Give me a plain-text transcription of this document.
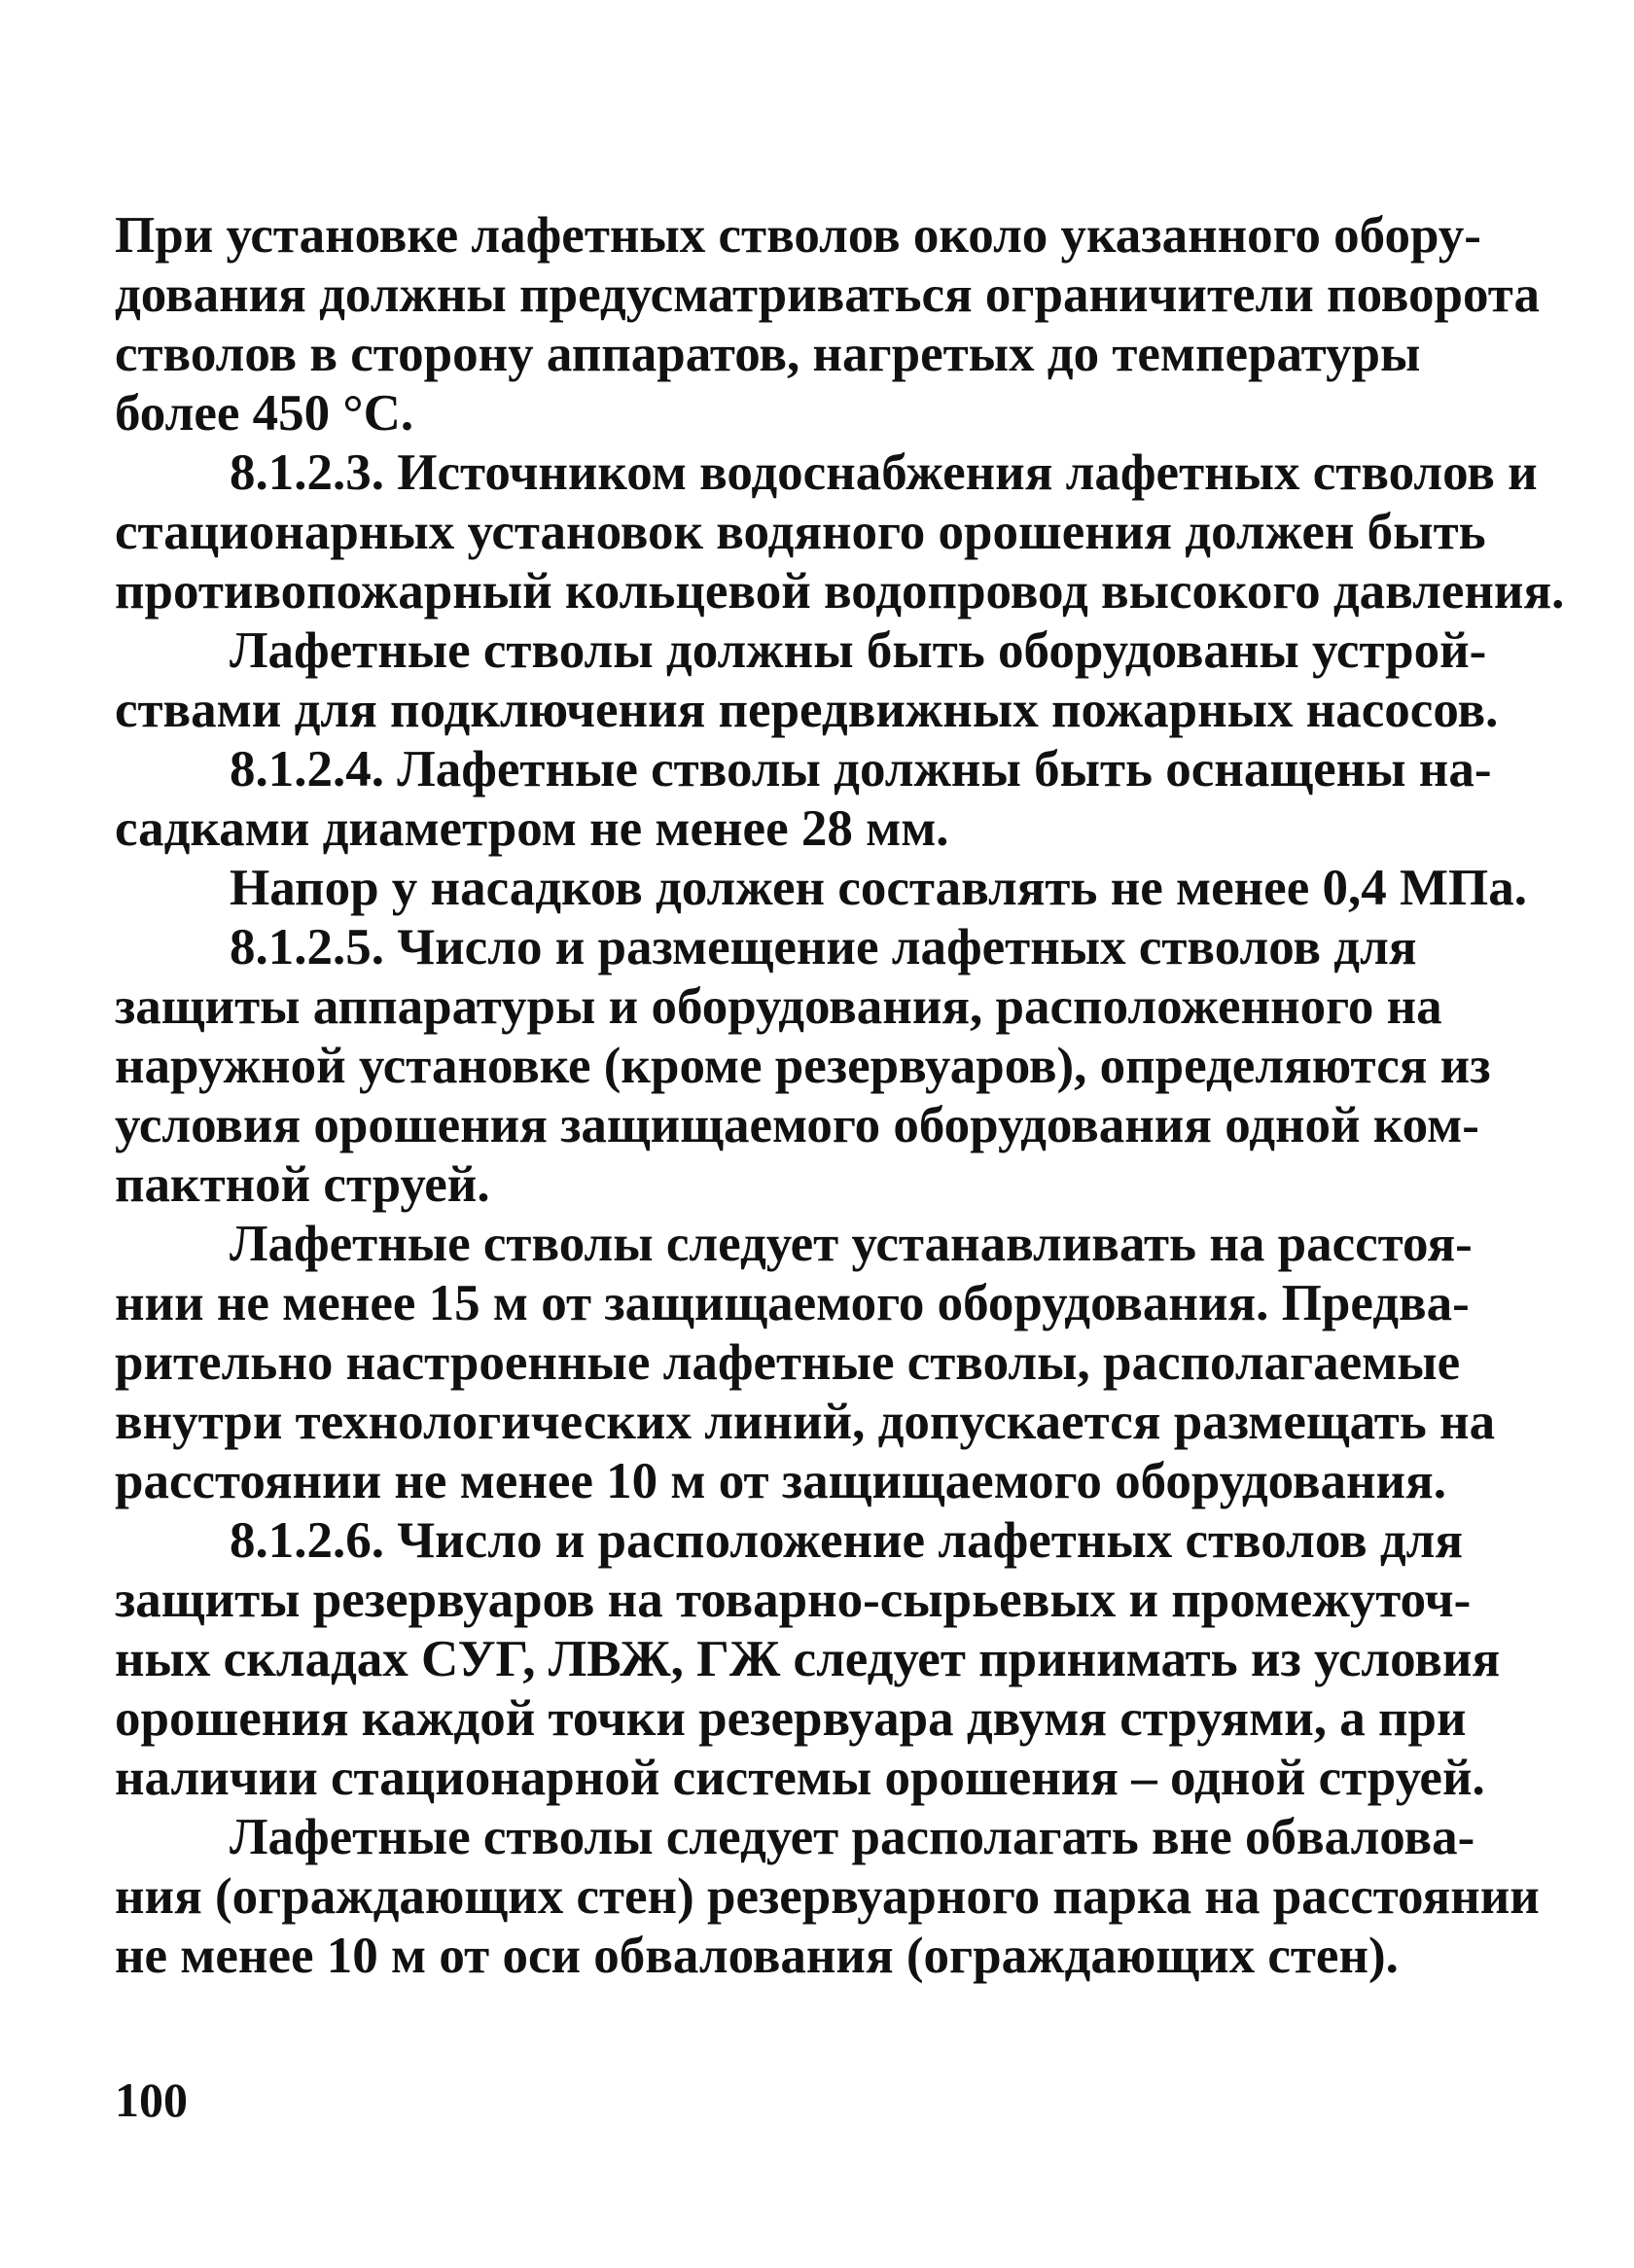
При установке лафетных стволов около указанного обору-
дования должны предусматриваться ограничители поворота
стволов в сторону аппаратов, нагретых до температуры
более 450 °С.
8.1.2.3. Источником водоснабжения лафетных стволов и
стационарных установок водяного орошения должен быть
противопожарный кольцевой водопровод высокого давления.
Лафетные стволы должны быть оборудованы устрой-
ствами для подключения передвижных пожарных насосов.
8.1.2.4. Лафетные стволы должны быть оснащены на-
садками диаметром не менее 28 мм.
Напор у насадков должен составлять не менее 0,4 МПа.
8.1.2.5. Число и размещение лафетных стволов для
защиты аппаратуры и оборудования, расположенного на
наружной установке (кроме резервуаров), определяются из
условия орошения защищаемого оборудования одной ком-
пактной струей.
Лафетные стволы следует устанавливать на расстоя-
нии не менее 15 м от защищаемого оборудования. Предва-
рительно настроенные лафетные стволы, располагаемые
внутри технологических линий, допускается размещать на
расстоянии не менее 10 м от защищаемого оборудования.
8.1.2.6. Число и расположение лафетных стволов для
защиты резервуаров на товарно-сырьевых и промежуточ-
ных складах СУГ, ЛВЖ, ГЖ следует принимать из условия
орошения каждой точки резервуара двумя струями, а при
наличии стационарной системы орошения – одной струей.
Лафетные стволы следует располагать вне обвалова-
ния (ограждающих стен) резервуарного парка на расстоянии
не менее 10 м от оси обвалования (ограждающих стен).
100
